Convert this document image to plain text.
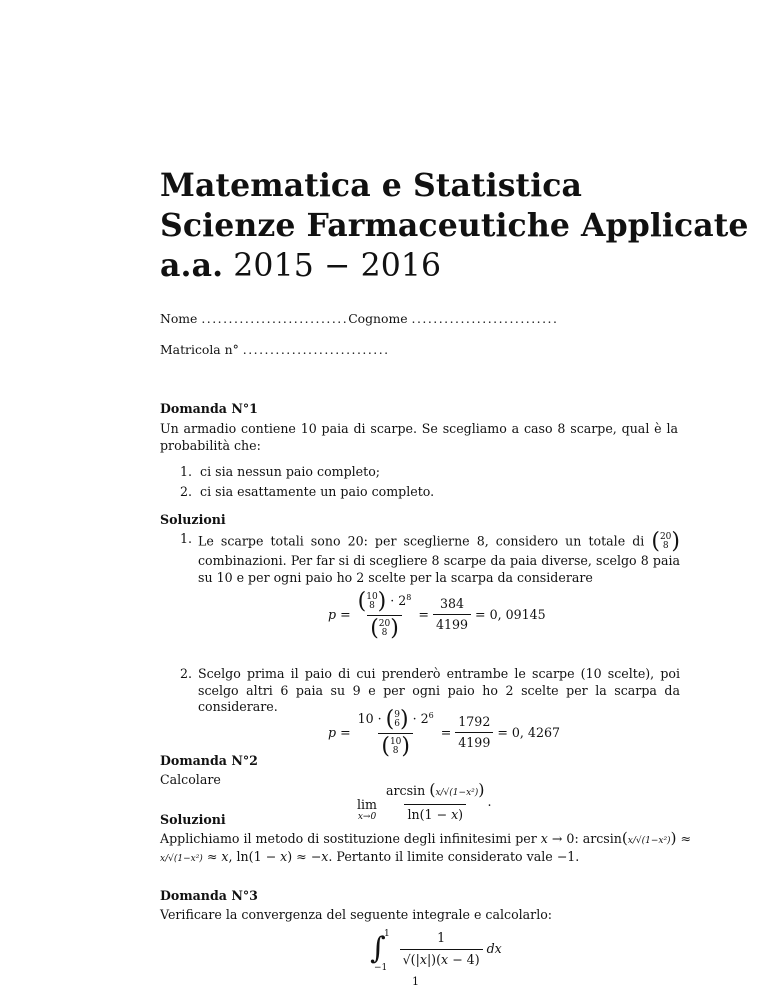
Matematica e Statistica
Scienze Farmaceutiche Applicate
a.a. 2015 − 2016
Nome ...........................Cognome ...........................
Matricola n° ...........................
Domanda N°1
Un armadio contiene 10 paia di scarpe. Se scegliamo a caso 8 scarpe, qual è la probabilità che:
1.  ci sia nessun paio completo;
2.  ci sia esattamente un paio completo.
Soluzioni
1. Le scarpe totali sono 20: per sceglierne 8, considero un totale di ( 20
8 )
combinazioni. Per far si di scegliere 8 scarpe da paia diverse, scelgo 8 paia su 10 e per ogni paio ho 2 scelte per la scarpa da considerare
p = ( 10
8 ) · $2^8$
( 20
8 ) = $\frac{384}{4199}$
= 0, 09145
2. Scelgo prima il paio di cui prenderò entrambe le scarpe (10 scelte), poi scelgo altri 6 paia su 9 e per ogni paio ho 2 scelte per la scarpa da considerare.
p = 10 · ( 9
6 ) · $2^6$
( 10
8 ) = $\frac{1792}{4199}$
= 0, 4267
Domanda N°2
Calcolare
lim
$x\to 0 \frac{\text{arcsin (x/√(1−x²))}}{\ln(1 - x)}$ .
Soluzioni
Applichiamo il metodo di sostituzione degli infinitesimi per x → 0: arcsin(x/√(1−x²)) ≈
x/√(1−x²) ≈ x, ln(1 − x) ≈ −x. Pertanto il limite considerato vale −1.
Domanda N°3
Verificare la convergenza del seguente integrale e calcolarlo:
∫
1
$-1 \frac{1}{√(|x|)(x - 4)}$
dx
1
